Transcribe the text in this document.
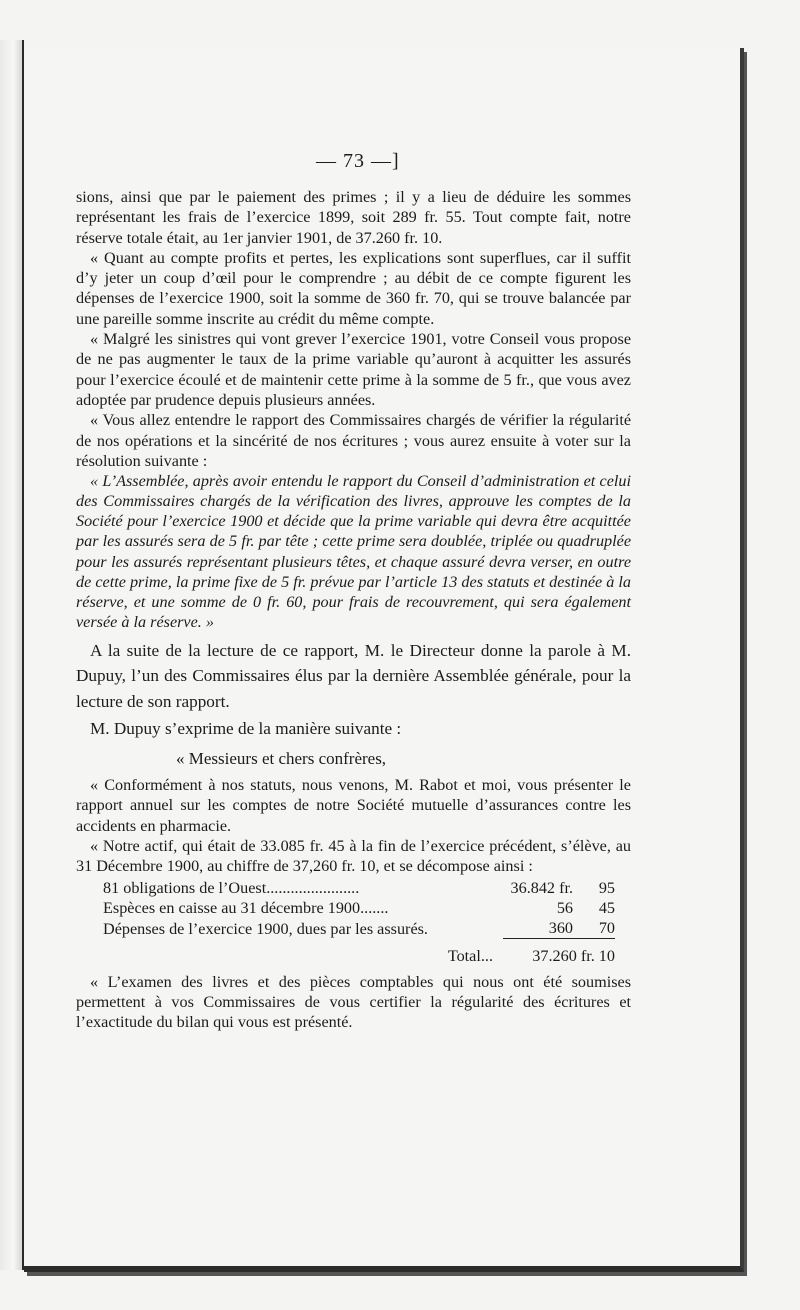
— 73 —]

sions, ainsi que par le paiement des primes ; il y a lieu de déduire les sommes représentant les frais de l’exercice 1899, soit 289 fr. 55. Tout compte fait, notre réserve totale était, au 1er janvier 1901, de 37.260 fr. 10.

« Quant au compte profits et pertes, les explications sont superflues, car il suffit d’y jeter un coup d’œil pour le comprendre ; au débit de ce compte figurent les dépenses de l’exercice 1900, soit la somme de 360 fr. 70, qui se trouve balancée par une pareille somme inscrite au crédit du même compte.

« Malgré les sinistres qui vont grever l’exercice 1901, votre Conseil vous propose de ne pas augmenter le taux de la prime variable qu’auront à acquitter les assurés pour l’exercice écoulé et de maintenir cette prime à la somme de 5 fr., que vous avez adoptée par prudence depuis plusieurs années.

« Vous allez entendre le rapport des Commissaires chargés de vérifier la régularité de nos opérations et la sincérité de nos écritures ; vous aurez ensuite à voter sur la résolution suivante :

« L’Assemblée, après avoir entendu le rapport du Conseil d’administration et celui des Commissaires chargés de la vérification des livres, approuve les comptes de la Société pour l’exercice 1900 et décide que la prime variable qui devra être acquittée par les assurés sera de 5 fr. par tête ; cette prime sera doublée, triplée ou quadruplée pour les assurés représentant plusieurs têtes, et chaque assuré devra verser, en outre de cette prime, la prime fixe de 5 fr. prévue par l’article 13 des statuts et destinée à la réserve, et une somme de 0 fr. 60, pour frais de recouvrement, qui sera également versée à la réserve. »

A la suite de la lecture de ce rapport, M. le Directeur donne la parole à M. Dupuy, l’un des Commissaires élus par la dernière Assemblée générale, pour la lecture de son rapport.

M. Dupuy s’exprime de la manière suivante :

« Messieurs et chers confrères,

« Conformément à nos statuts, nous venons, M. Rabot et moi, vous présenter le rapport annuel sur les comptes de notre Société mutuelle d’assurances contre les accidents en pharmacie.

« Notre actif, qui était de 33.085 fr. 45 à la fin de l’exercice précédent, s’élève, au 31 Décembre 1900, au chiffre de 37,260 fr. 10, et se décompose ainsi :

81 obligations de l’Ouest.......................	36.842 fr.	95
Espèces en caisse au 31 décembre 1900.......	56	45
Dépenses de l’exercice 1900, dues par les assurés.	360	70
Total...	37.260 fr. 10	

« L’examen des livres et des pièces comptables qui nous ont été soumises permettent à vos Commissaires de vous certifier la régularité des écritures et l’exactitude du bilan qui vous est présenté.
